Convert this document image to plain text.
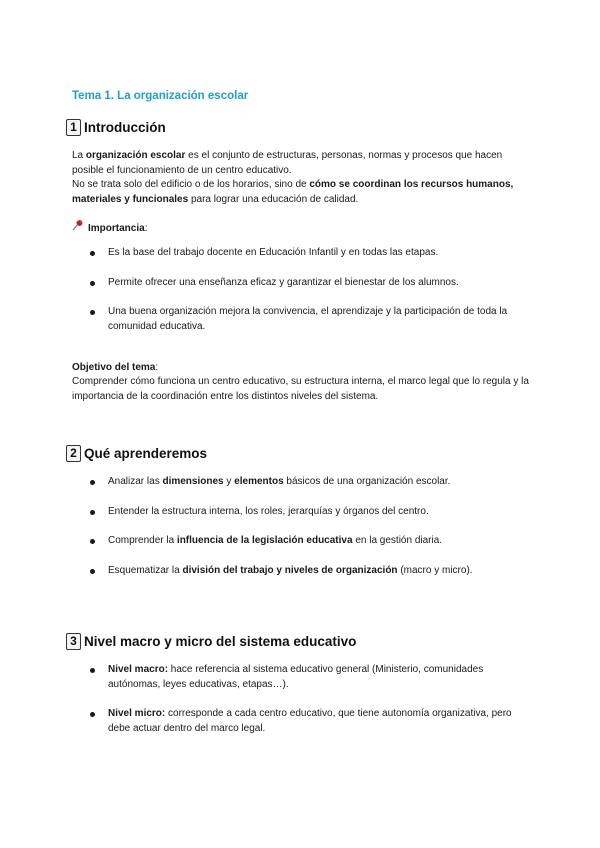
Tema 1. La organización escolar
1 Introducción
La organización escolar es el conjunto de estructuras, personas, normas y procesos que hacen posible el funcionamiento de un centro educativo.
No se trata solo del edificio o de los horarios, sino de cómo se coordinan los recursos humanos, materiales y funcionales para lograr una educación de calidad.
Importancia:
Es la base del trabajo docente en Educación Infantil y en todas las etapas.
Permite ofrecer una enseñanza eficaz y garantizar el bienestar de los alumnos.
Una buena organización mejora la convivencia, el aprendizaje y la participación de toda la comunidad educativa.
Objetivo del tema:
Comprender cómo funciona un centro educativo, su estructura interna, el marco legal que lo regula y la importancia de la coordinación entre los distintos niveles del sistema.
2 Qué aprenderemos
Analizar las dimensiones y elementos básicos de una organización escolar.
Entender la estructura interna, los roles, jerarquías y órganos del centro.
Comprender la influencia de la legislación educativa en la gestión diaria.
Esquematizar la división del trabajo y niveles de organización (macro y micro).
3 Nivel macro y micro del sistema educativo
Nivel macro: hace referencia al sistema educativo general (Ministerio, comunidades autónomas, leyes educativas, etapas…).
Nivel micro: corresponde a cada centro educativo, que tiene autonomía organizativa, pero debe actuar dentro del marco legal.
